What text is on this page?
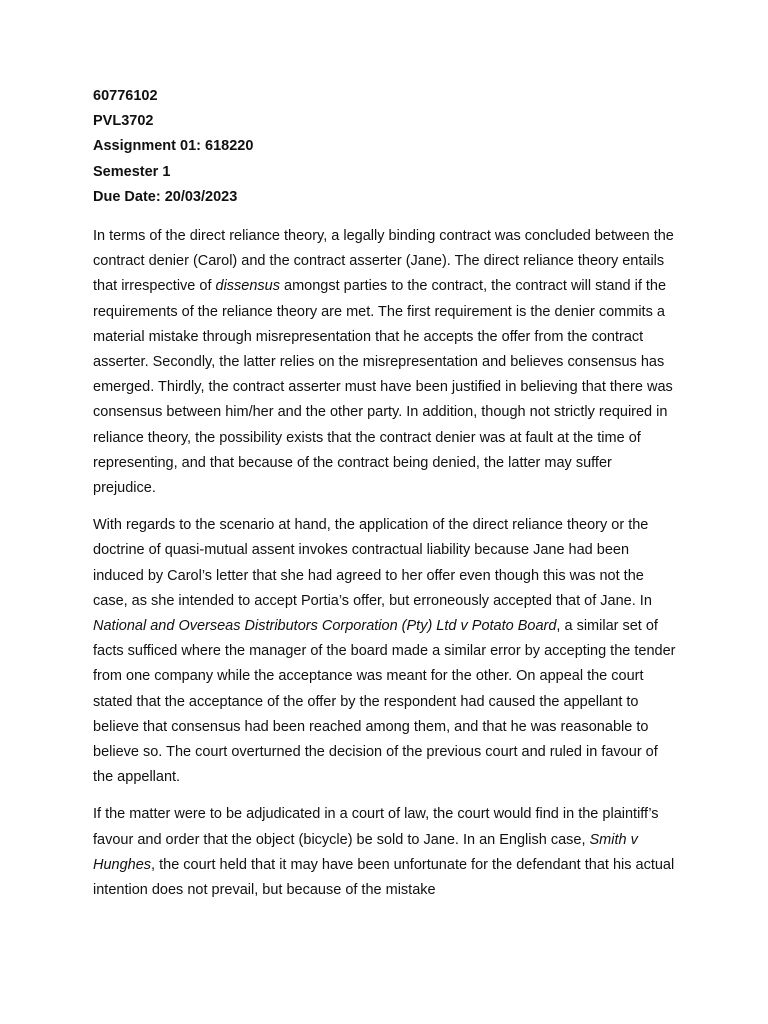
60776102

PVL3702

Assignment 01: 618220

Semester 1

Due Date: 20/03/2023

In terms of the direct reliance theory, a legally binding contract was concluded between the contract denier (Carol) and the contract asserter (Jane). The direct reliance theory entails that irrespective of dissensus amongst parties to the contract, the contract will stand if the requirements of the reliance theory are met. The first requirement is the denier commits a material mistake through misrepresentation that he accepts the offer from the contract asserter. Secondly, the latter relies on the misrepresentation and believes consensus has emerged. Thirdly, the contract asserter must have been justified in believing that there was consensus between him/her and the other party. In addition, though not strictly required in reliance theory, the possibility exists that the contract denier was at fault at the time of representing, and that because of the contract being denied, the latter may suffer prejudice.

With regards to the scenario at hand, the application of the direct reliance theory or the doctrine of quasi-mutual assent invokes contractual liability because Jane had been induced by Carol’s letter that she had agreed to her offer even though this was not the case, as she intended to accept Portia’s offer, but erroneously accepted that of Jane. In National and Overseas Distributors Corporation (Pty) Ltd v Potato Board, a similar set of facts sufficed where the manager of the board made a similar error by accepting the tender from one company while the acceptance was meant for the other. On appeal the court stated that the acceptance of the offer by the respondent had caused the appellant to believe that consensus had been reached among them, and that he was reasonable to believe so. The court overturned the decision of the previous court and ruled in favour of the appellant.

If the matter were to be adjudicated in a court of law, the court would find in the plaintiff’s favour and order that the object (bicycle) be sold to Jane. In an English case, Smith v Hunghes, the court held that it may have been unfortunate for the defendant that his actual intention does not prevail, but because of the mistake
